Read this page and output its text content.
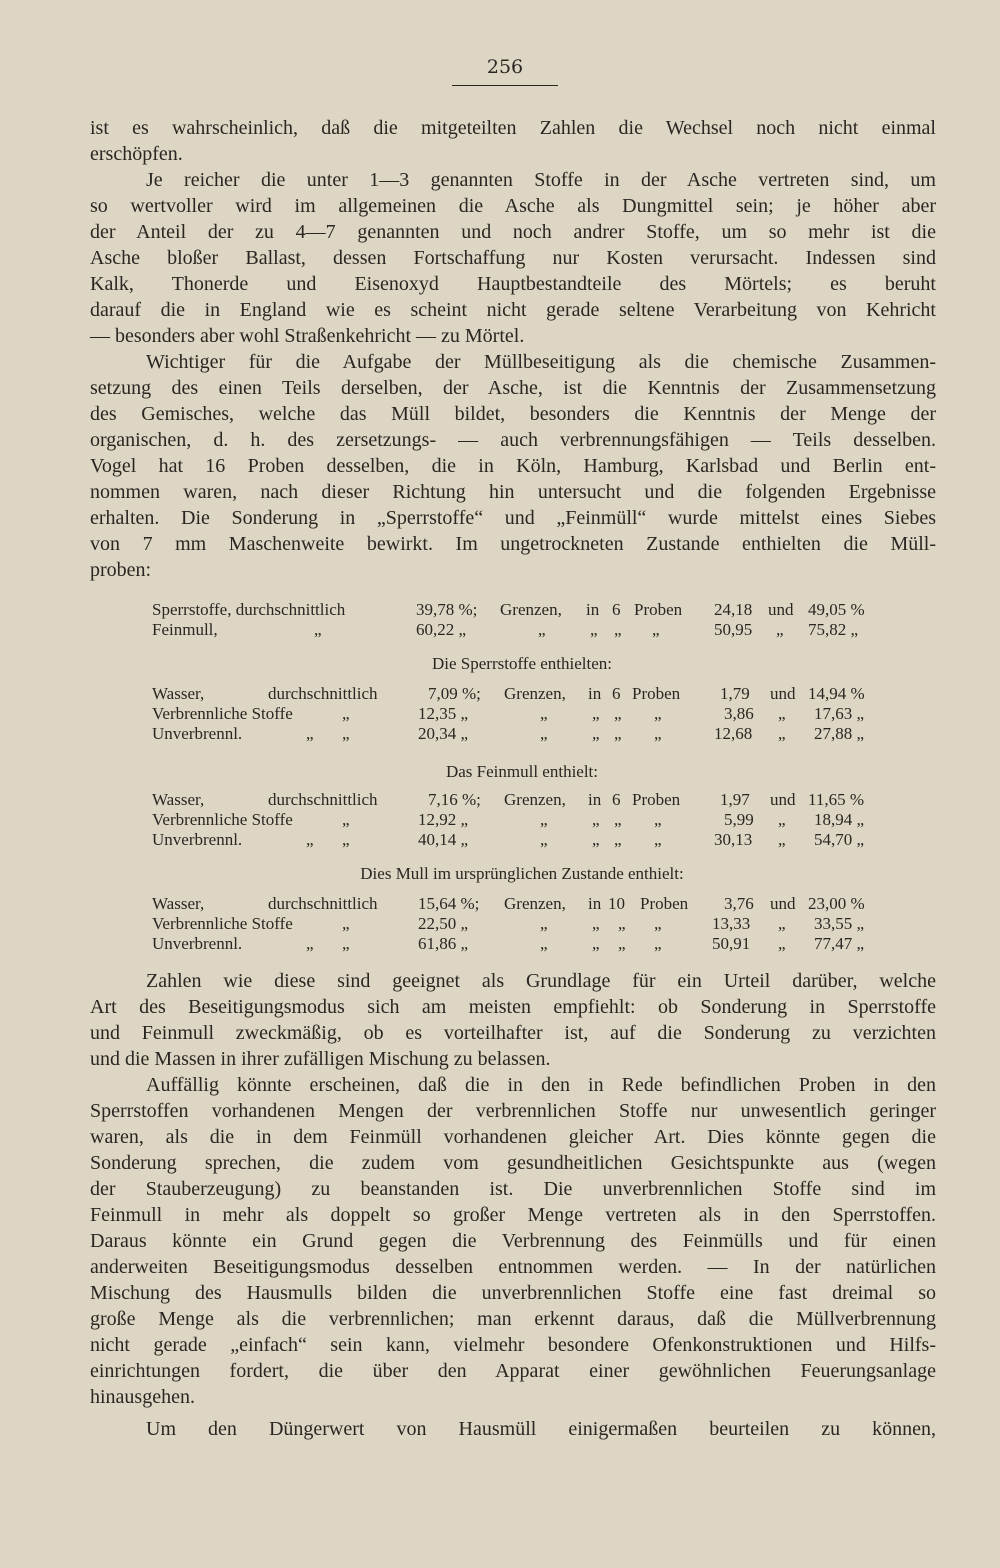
256
ist es wahrscheinlich, daß die mitgeteilten Zahlen die Wechsel noch nicht einmal
erschöpfen.
Je reicher die unter 1—3 genannten Stoffe in der Asche vertreten sind, um
so wertvoller wird im allgemeinen die Asche als Dungmittel sein; je höher aber
der Anteil der zu 4—7 genannten und noch andrer Stoffe, um so mehr ist die
Asche bloßer Ballast, dessen Fortschaffung nur Kosten verursacht. Indessen sind
Kalk, Thonerde und Eisenoxyd Hauptbestandteile des Mörtels; es beruht
darauf die in England wie es scheint nicht gerade seltene Verarbeitung von Kehricht
— besonders aber wohl Straßenkehricht — zu Mörtel.
Wichtiger für die Aufgabe der Müllbeseitigung als die chemische Zusammen-
setzung des einen Teils derselben, der Asche, ist die Kenntnis der Zusammensetzung
des Gemisches, welche das Müll bildet, besonders die Kenntnis der Menge der
organischen, d. h. des zersetzungs- — auch verbrennungsfähigen — Teils desselben.
Vogel hat 16 Proben desselben, die in Köln, Hamburg, Karlsbad und Berlin ent-
nommen waren, nach dieser Richtung hin untersucht und die folgenden Ergebnisse
erhalten. Die Sonderung in „Sperrstoffe“ und „Feinmüll“ wurde mittelst eines Siebes
von 7 mm Maschenweite bewirkt. Im ungetrockneten Zustande enthielten die Müll-
proben:
Sperrstoffe, durchschnittlich	39,78 %; Grenzen, in 6 Proben 24,18 und 49,05 %
Feinmull,	„	60,22 „	„	„ „ „	50,95 „ 75,82 „
Die Sperrstoffe enthielten:
Wasser,	durchschnittlich	7,09 %; Grenzen, in 6 Proben 1,79 und 14,94 %
Verbrennliche Stoffe	„	12,35 „	„	„ „ „	3,86 „ 17,63 „
Unverbrennl.	„ „	20,34 „	„	„ „ „	12,68 „ 27,88 „
Das Feinmull enthielt:
Wasser,	durchschnittlich	7,16 %; Grenzen, in 6 Proben 1,97 und 11,65 %
Verbrennliche Stoffe	„	12,92 „	„	„ „ „	5,99 „ 18,94 „
Unverbrennl.	„ „	40,14 „	„	„ „ „	30,13 „ 54,70 „
Dies Mull im ursprünglichen Zustande enthielt:
Wasser,	durchschnittlich 15,64 %; Grenzen, in 10 Proben 3,76 und 23,00 %
Verbrennliche Stoffe	„	22,50 „	„	„ „ „	13,33 „ 33,55 „
Unverbrennl.	„ „	61,86 „	„	„ „ „	50,91 „ 77,47 „
Zahlen wie diese sind geeignet als Grundlage für ein Urteil darüber, welche
Art des Beseitigungsmodus sich am meisten empfiehlt: ob Sonderung in Sperrstoffe
und Feinmull zweckmäßig, ob es vorteilhafter ist, auf die Sonderung zu verzichten
und die Massen in ihrer zufälligen Mischung zu belassen.
Auffällig könnte erscheinen, daß die in den in Rede befindlichen Proben in den
Sperrstoffen vorhandenen Mengen der verbrennlichen Stoffe nur unwesentlich geringer
waren, als die in dem Feinmüll vorhandenen gleicher Art. Dies könnte gegen die
Sonderung sprechen, die zudem vom gesundheitlichen Gesichtspunkte aus (wegen
der Stauberzeugung) zu beanstanden ist. Die unverbrennlichen Stoffe sind im
Feinmull in mehr als doppelt so großer Menge vertreten als in den Sperrstoffen.
Daraus könnte ein Grund gegen die Verbrennung des Feinmülls und für einen
anderweiten Beseitigungsmodus desselben entnommen werden. — In der natürlichen
Mischung des Hausmulls bilden die unverbrennlichen Stoffe eine fast dreimal so
große Menge als die verbrennlichen; man erkennt daraus, daß die Müllverbrennung
nicht gerade „einfach“ sein kann, vielmehr besondere Ofenkonstruktionen und Hilfs-
einrichtungen fordert, die über den Apparat einer gewöhnlichen Feuerungsanlage
hinausgehen.
Um den Düngerwert von Hausmüll einigermaßen beurteilen zu können,
